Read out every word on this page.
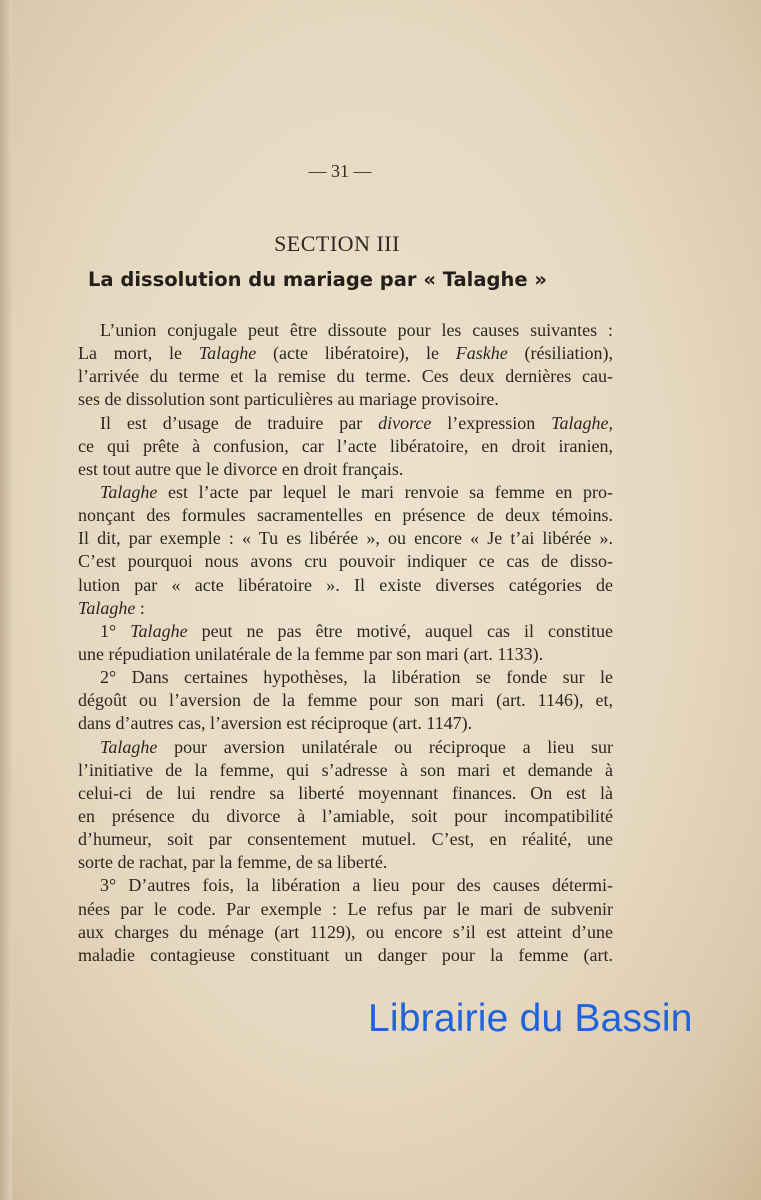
— 31 —
SECTION III
La dissolution du mariage par « Talaghe »
L’union conjugale peut être dissoute pour les causes suivantes :
La mort, le Talaghe (acte libératoire), le Faskhe (résiliation),
l’arrivée du terme et la remise du terme. Ces deux dernières cau-
ses de dissolution sont particulières au mariage provisoire.
Il est d’usage de traduire par divorce l’expression Talaghe,
ce qui prête à confusion, car l’acte libératoire, en droit iranien,
est tout autre que le divorce en droit français.
Talaghe est l’acte par lequel le mari renvoie sa femme en pro-
nonçant des formules sacramentelles en présence de deux témoins.
Il dit, par exemple : « Tu es libérée », ou encore « Je t’ai libérée ».
C’est pourquoi nous avons cru pouvoir indiquer ce cas de disso-
lution par « acte libératoire ». Il existe diverses catégories de
Talaghe :
1° Talaghe peut ne pas être motivé, auquel cas il constitue
une répudiation unilatérale de la femme par son mari (art. 1133).
2° Dans certaines hypothèses, la libération se fonde sur le
dégoût ou l’aversion de la femme pour son mari (art. 1146), et,
dans d’autres cas, l’aversion est réciproque (art. 1147).
Talaghe pour aversion unilatérale ou réciproque a lieu sur
l’initiative de la femme, qui s’adresse à son mari et demande à
celui-ci de lui rendre sa liberté moyennant finances. On est là
en présence du divorce à l’amiable, soit pour incompatibilité
d’humeur, soit par consentement mutuel. C’est, en réalité, une
sorte de rachat, par la femme, de sa liberté.
3° D’autres fois, la libération a lieu pour des causes détermi-
nées par le code. Par exemple : Le refus par le mari de subvenir
aux charges du ménage (art 1129), ou encore s’il est atteint d’une
maladie contagieuse constituant un danger pour la femme (art.
Librairie du Bassin
